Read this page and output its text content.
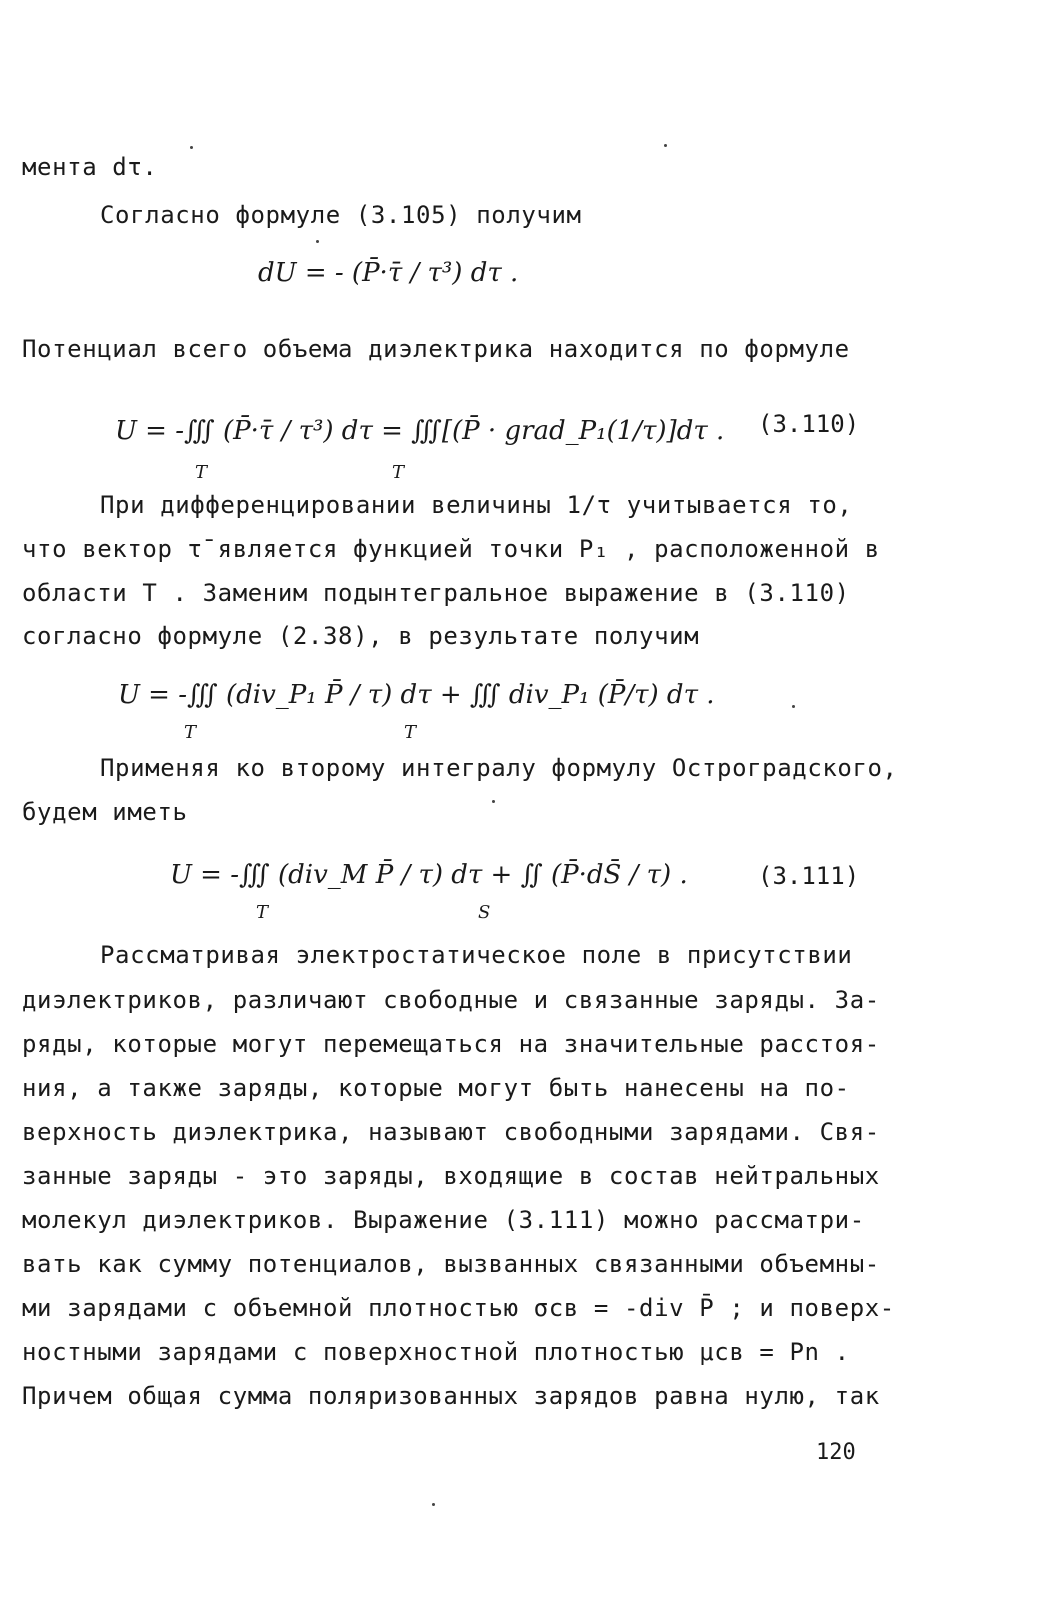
мента dτ.
Согласно формуле (3.105) получим
dU = - (P̄·τ̄ / τ³) dτ .
Потенциал всего объема диэлектрика находится по формуле
U = -∭ (P̄·τ̄ / τ³) dτ = ∭[(P̄ · grad_P₁(1/τ)]dτ . (3.110)
T	T
При дифференцировании величины 1/τ учитывается то,
что вектор τ̄ является функцией точки P₁ , расположенной в
области T . Заменим подынтегральное выражение в (3.110)
согласно формуле (2.38), в результате получим
U = -∭ (div_P₁ P̄ / τ) dτ + ∭ div_P₁ (P̄/τ) dτ .
T	T
Применяя ко второму интегралу формулу Остроградского,
будем иметь
U = -∭ (div_M P̄ / τ) dτ + ∬ (P̄·dS̄ / τ) .	(3.111)
T	S
Рассматривая электростатическое поле в присутствии
диэлектриков, различают свободные и связанные заряды. За-
ряды, которые могут перемещаться на значительные расстоя-
ния, а также заряды, которые могут быть нанесены на по-
верхность диэлектрика, называют свободными зарядами. Свя-
занные заряды - это заряды, входящие в состав нейтральных
молекул диэлектриков. Выражение (3.111) можно рассматри-
вать как сумму потенциалов, вызванных связанными объемны-
ми зарядами с объемной плотностью σсв = -div P̄ ; и поверх-
ностными зарядами с поверхностной плотностью μсв = Pn .
Причем общая сумма поляризованных зарядов равна нулю, так
120
